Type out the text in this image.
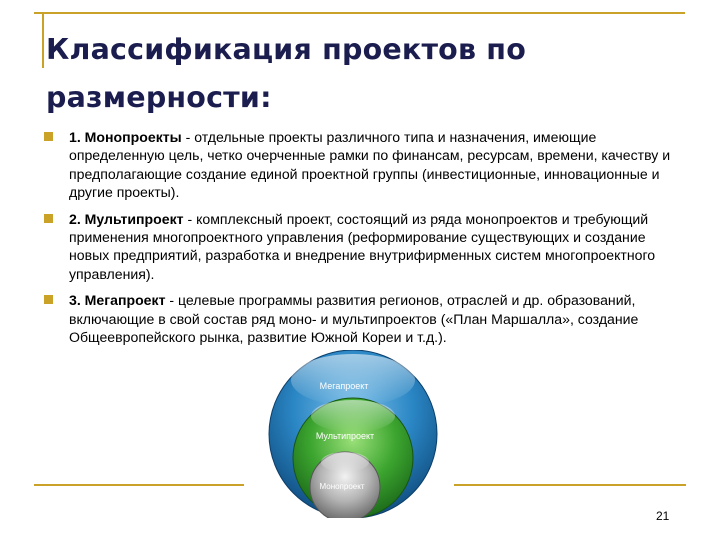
Классификация проектов по размерности:
1. Монопроекты - отдельные проекты различного типа и назначения, имеющие определенную цель, четко очерченные рамки по финансам, ресурсам, времени, качеству и предполагающие создание единой проектной группы (инвестиционные, инновационные и другие проекты).
2. Мультипроект - комплексный проект, состоящий из ряда монопроектов и требующий применения многопроектного управления (реформирование существующих и создание новых предприятий, разработка и внедрение внутрифирменных систем многопроектного управления).
3. Мегапроект - целевые программы развития регионов, отраслей и др. образований, включающие в свой состав ряд моно- и мультипроектов («План Маршалла», создание Общеевропейского рынка, развитие Южной Кореи и т.д.).
Мегапроект
Мультипроект
Монопроект
21
